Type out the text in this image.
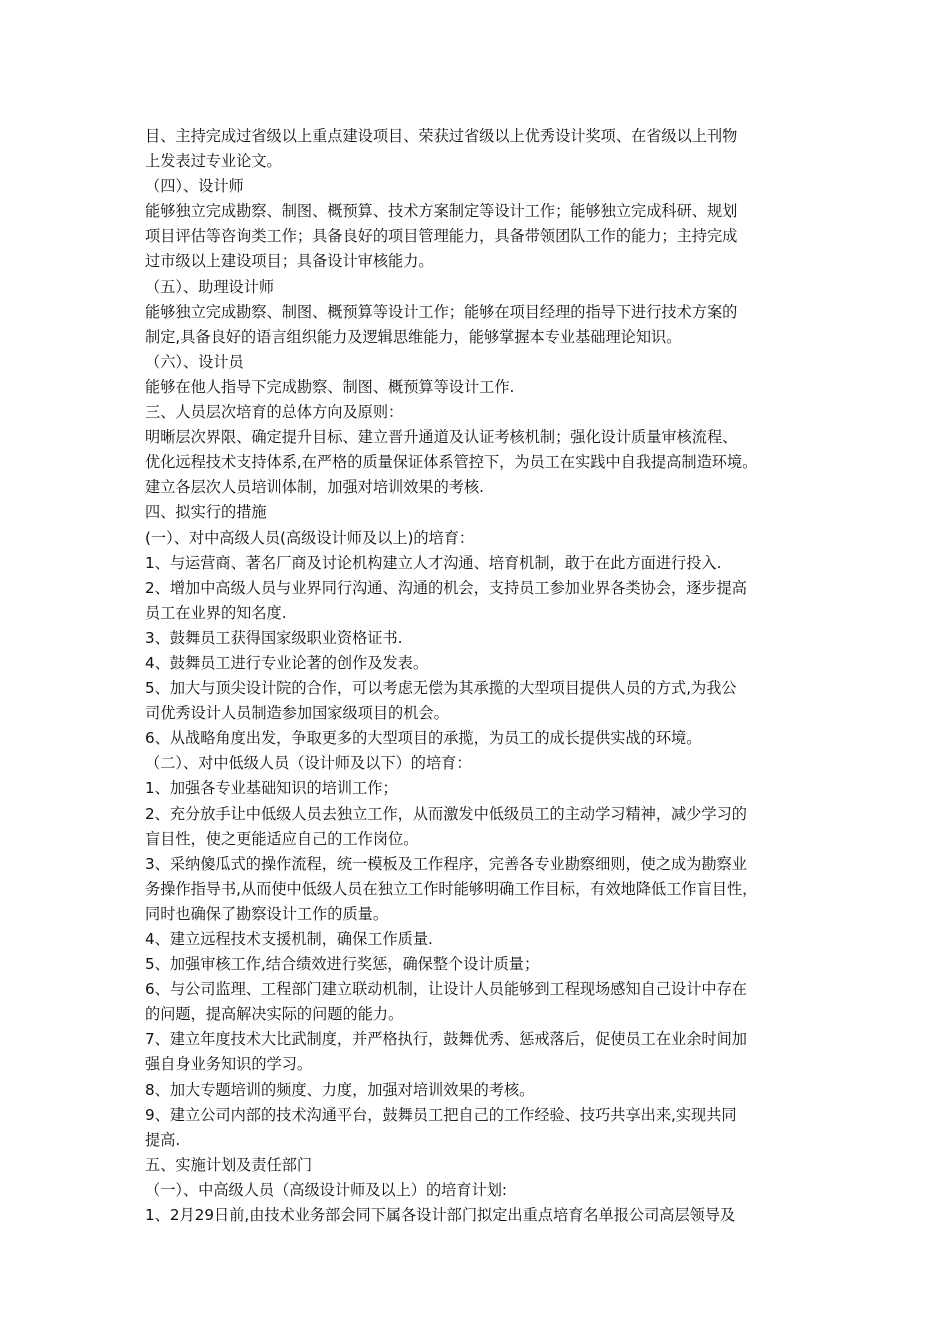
目、主持完成过省级以上重点建设项目、荣获过省级以上优秀设计奖项、在省级以上刊物
上发表过专业论文。
（四）、设计师
能够独立完成勘察、制图、概预算、技术方案制定等设计工作；能够独立完成科研、规划
项目评估等咨询类工作；具备良好的项目管理能力，具备带领团队工作的能力；主持完成
过市级以上建设项目；具备设计审核能力。
（五）、助理设计师
能够独立完成勘察、制图、概预算等设计工作；能够在项目经理的指导下进行技术方案的
制定,具备良好的语言组织能力及逻辑思维能力，能够掌握本专业基础理论知识。
（六）、设计员
能够在他人指导下完成勘察、制图、概预算等设计工作.
三、人员层次培育的总体方向及原则：
明晰层次界限、确定提升目标、建立晋升通道及认证考核机制；强化设计质量审核流程、
优化远程技术支持体系,在严格的质量保证体系管控下，为员工在实践中自我提高制造环境。
建立各层次人员培训体制，加强对培训效果的考核.
四、拟实行的措施
(一）、对中高级人员(高级设计师及以上)的培育：
1、与运营商、著名厂商及讨论机构建立人才沟通、培育机制，敢于在此方面进行投入.
2、增加中高级人员与业界同行沟通、沟通的机会，支持员工参加业界各类协会，逐步提高
员工在业界的知名度.
3、鼓舞员工获得国家级职业资格证书.
4、鼓舞员工进行专业论著的创作及发表。
5、加大与顶尖设计院的合作，可以考虑无偿为其承揽的大型项目提供人员的方式,为我公
司优秀设计人员制造参加国家级项目的机会。
6、从战略角度出发，争取更多的大型项目的承揽，为员工的成长提供实战的环境。
（二）、对中低级人员（设计师及以下）的培育：
1、加强各专业基础知识的培训工作；
2、充分放手让中低级人员去独立工作，从而激发中低级员工的主动学习精神，减少学习的
盲目性，使之更能适应自己的工作岗位。
3、采纳傻瓜式的操作流程，统一模板及工作程序，完善各专业勘察细则，使之成为勘察业
务操作指导书,从而使中低级人员在独立工作时能够明确工作目标，有效地降低工作盲目性，
同时也确保了勘察设计工作的质量。
4、建立远程技术支援机制，确保工作质量.
5、加强审核工作,结合绩效进行奖惩，确保整个设计质量；
6、与公司监理、工程部门建立联动机制，让设计人员能够到工程现场感知自己设计中存在
的问题，提高解决实际的问题的能力。
7、建立年度技术大比武制度，并严格执行，鼓舞优秀、惩戒落后，促使员工在业余时间加
强自身业务知识的学习。
8、加大专题培训的频度、力度，加强对培训效果的考核。
9、建立公司内部的技术沟通平台，鼓舞员工把自己的工作经验、技巧共享出来,实现共同
提高.
五、实施计划及责任部门
（一）、中高级人员（高级设计师及以上）的培育计划:
1、2月29日前,由技术业务部会同下属各设计部门拟定出重点培育名单报公司高层领导及
